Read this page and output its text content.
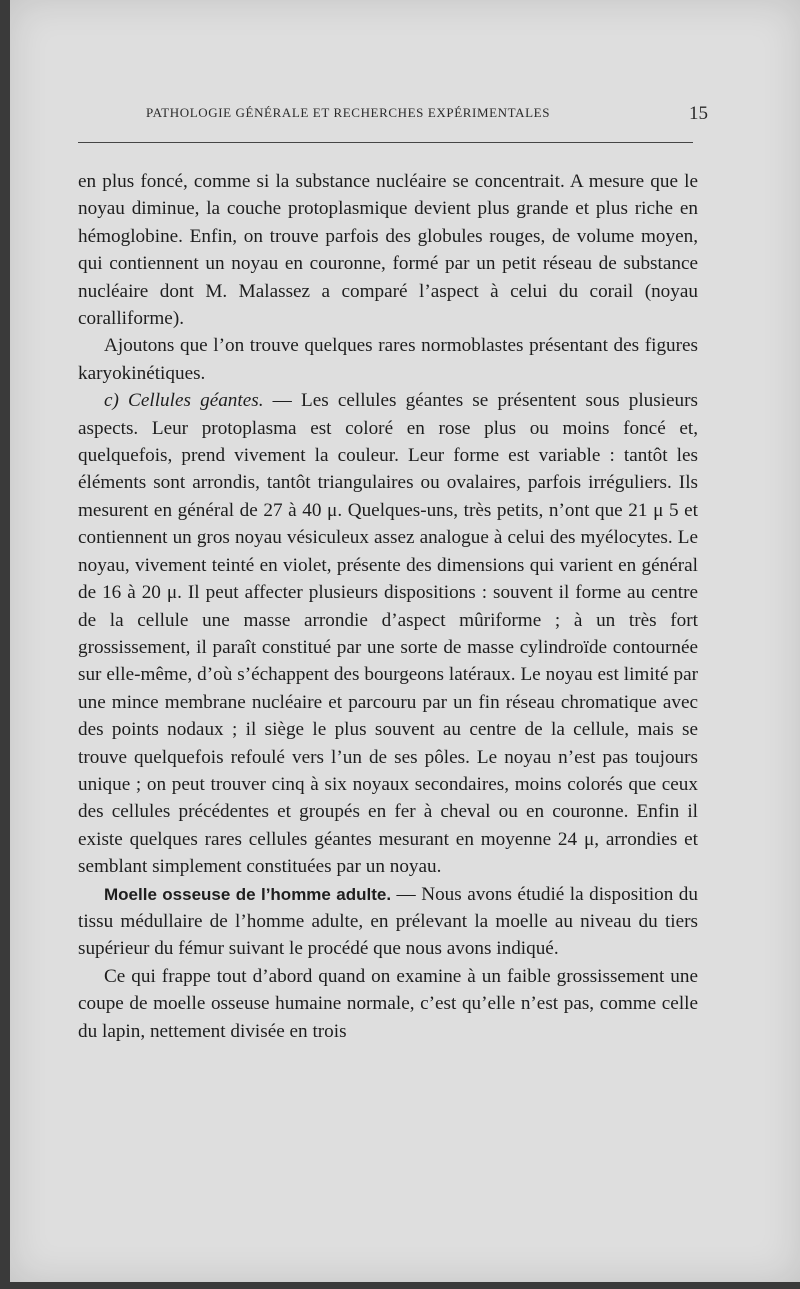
PATHOLOGIE GÉNÉRALE ET RECHERCHES EXPÉRIMENTALES	15

en plus foncé, comme si la substance nucléaire se concentrait. A mesure que le noyau diminue, la couche protoplasmique devient plus grande et plus riche en hémoglobine. Enfin, on trouve parfois des globules rouges, de volume moyen, qui contiennent un noyau en couronne, formé par un petit réseau de substance nucléaire dont M. Malassez a comparé l’aspect à celui du corail (noyau coralliforme).

Ajoutons que l’on trouve quelques rares normoblastes présentant des figures karyokinétiques.

c) Cellules géantes. — Les cellules géantes se présentent sous plusieurs aspects. Leur protoplasma est coloré en rose plus ou moins foncé et, quelquefois, prend vivement la couleur. Leur forme est variable : tantôt les éléments sont arrondis, tantôt triangulaires ou ovalaires, parfois irréguliers. Ils mesurent en général de 27 à 40 μ. Quelques-uns, très petits, n’ont que 21 μ 5 et contiennent un gros noyau vésiculeux assez analogue à celui des myélocytes. Le noyau, vivement teinté en violet, présente des dimensions qui varient en général de 16 à 20 μ. Il peut affecter plusieurs dispositions : souvent il forme au centre de la cellule une masse arrondie d’aspect mûriforme ; à un très fort grossissement, il paraît constitué par une sorte de masse cylindroïde contournée sur elle-même, d’où s’échappent des bourgeons latéraux. Le noyau est limité par une mince membrane nucléaire et parcouru par un fin réseau chromatique avec des points nodaux ; il siège le plus souvent au centre de la cellule, mais se trouve quelquefois refoulé vers l’un de ses pôles. Le noyau n’est pas toujours unique ; on peut trouver cinq à six noyaux secondaires, moins colorés que ceux des cellules précédentes et groupés en fer à cheval ou en couronne. Enfin il existe quelques rares cellules géantes mesurant en moyenne 24 μ, arrondies et semblant simplement constituées par un noyau.

Moelle osseuse de l’homme adulte. — Nous avons étudié la disposition du tissu médullaire de l’homme adulte, en prélevant la moelle au niveau du tiers supérieur du fémur suivant le procédé que nous avons indiqué.

Ce qui frappe tout d’abord quand on examine à un faible grossissement une coupe de moelle osseuse humaine normale, c’est qu’elle n’est pas, comme celle du lapin, nettement divisée en trois
